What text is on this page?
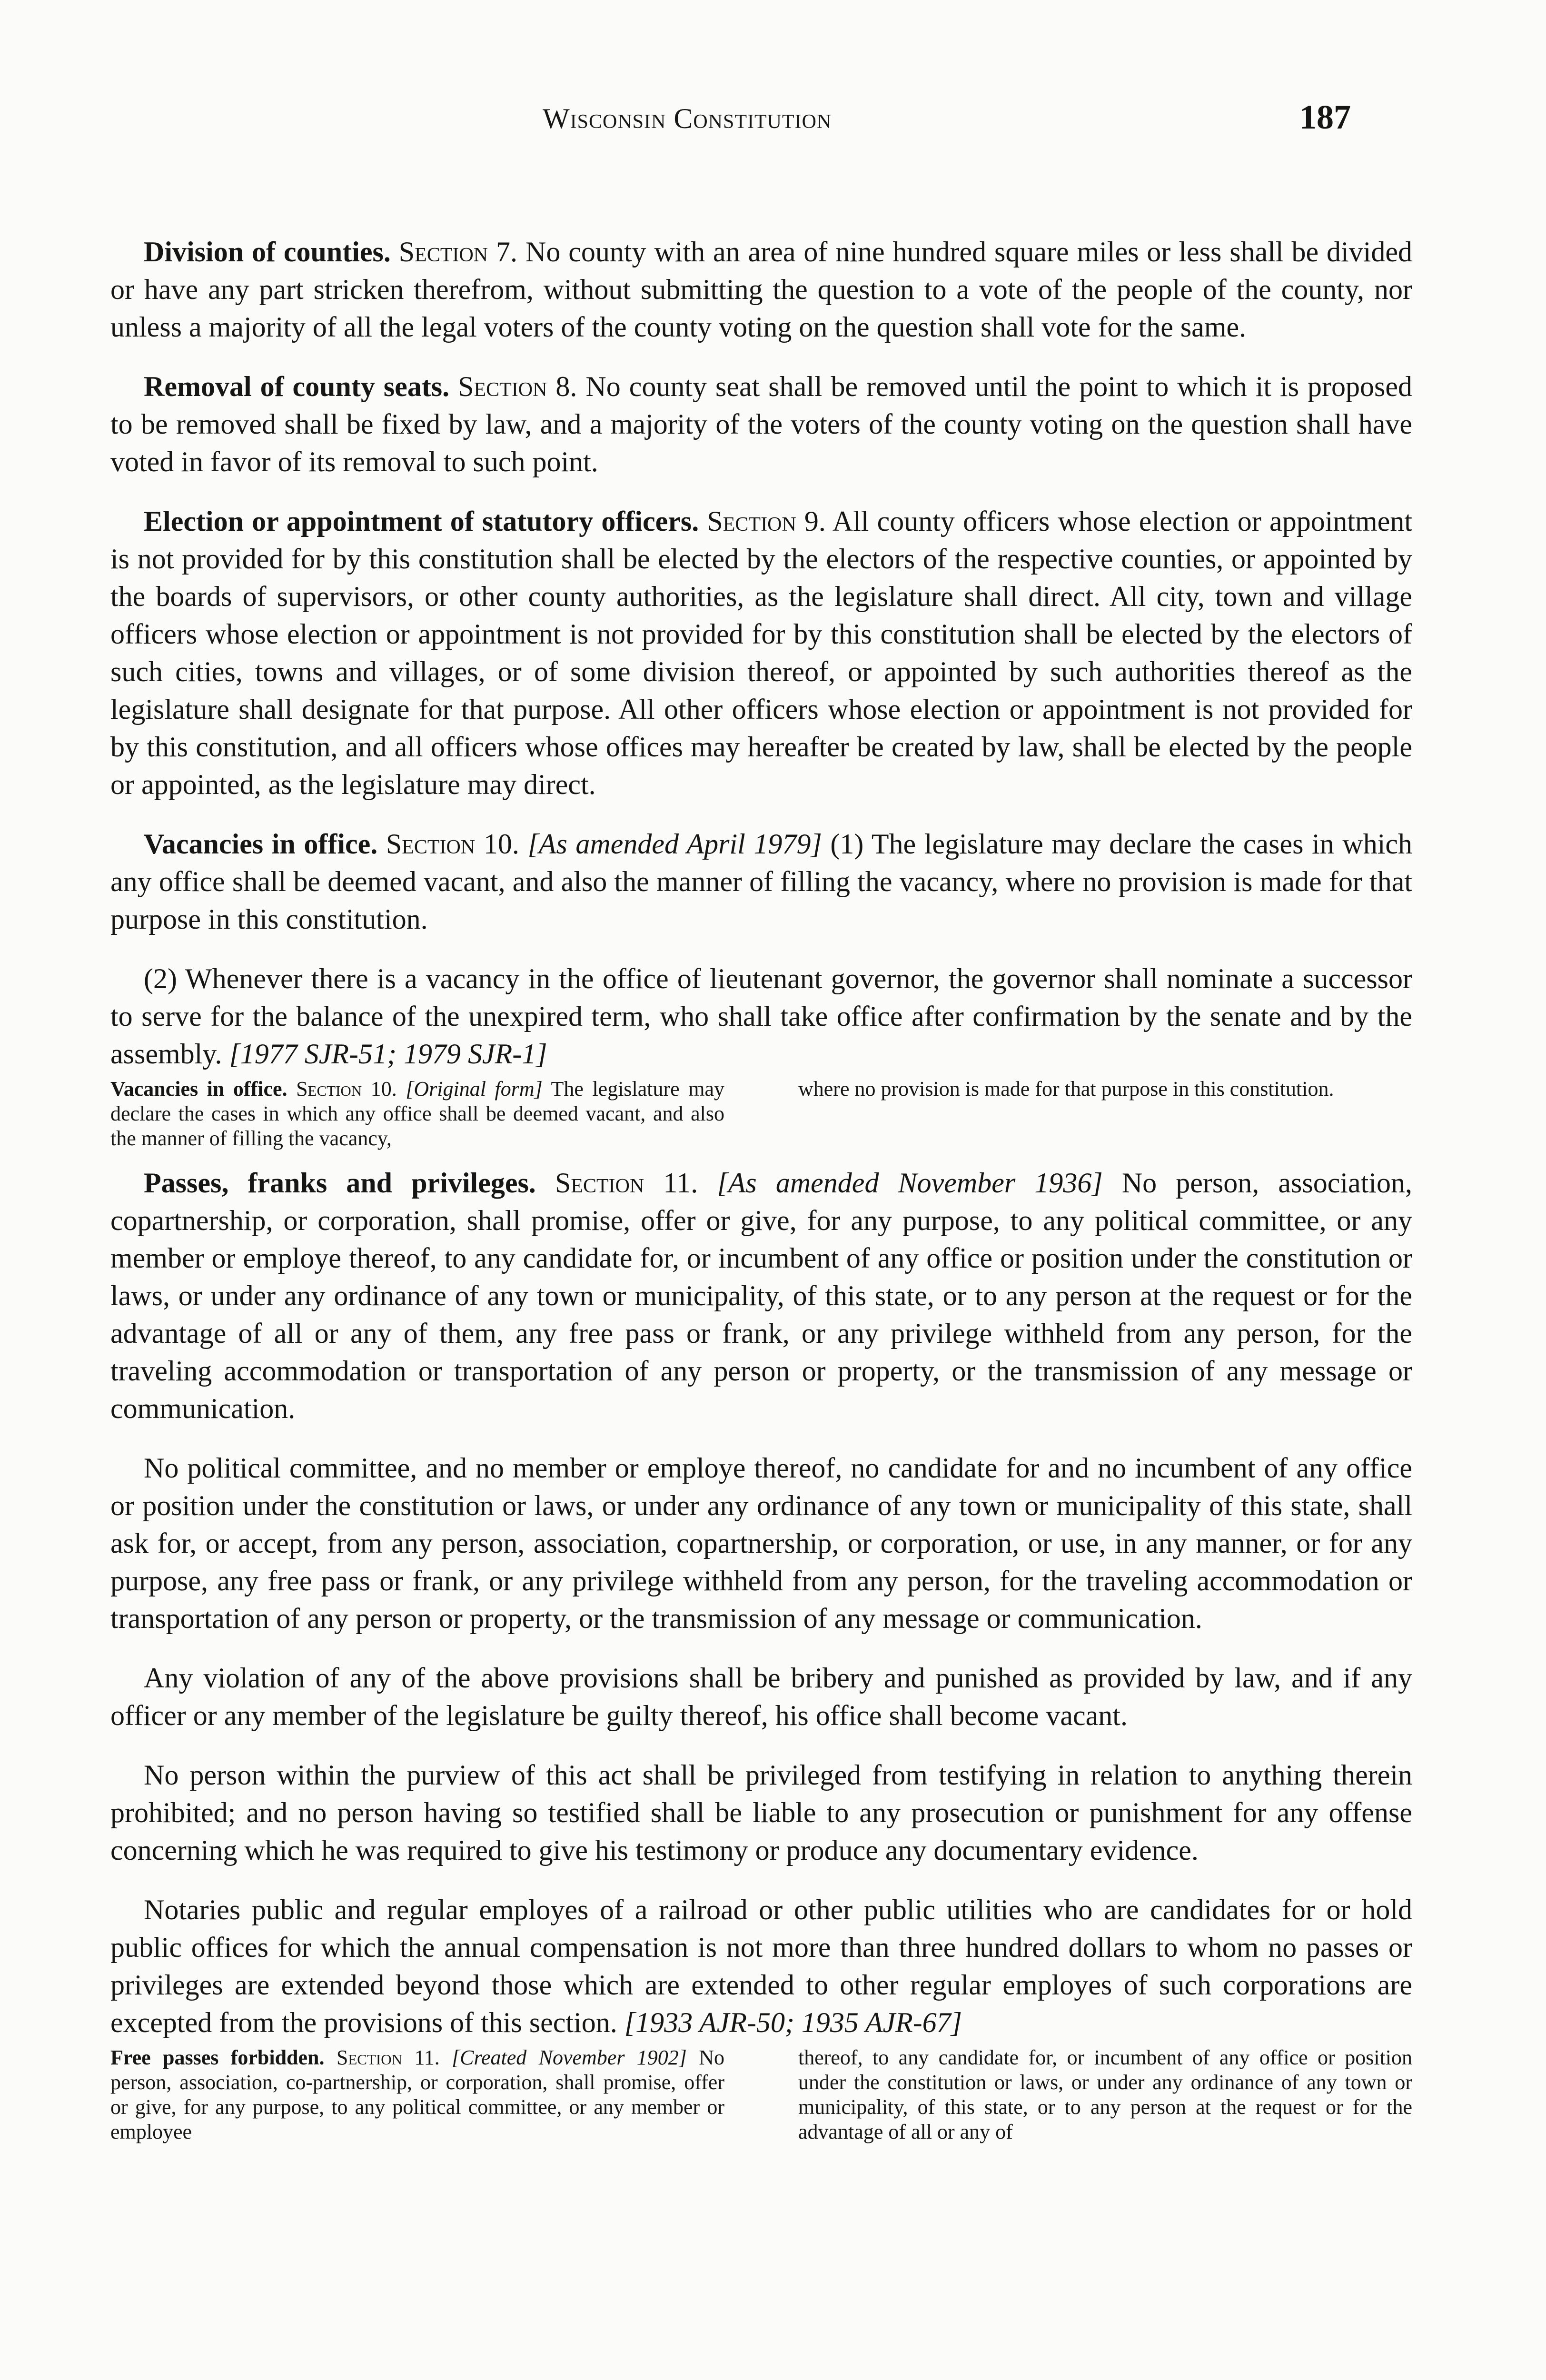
Wisconsin Constitution	187

Division of counties. Section 7. No county with an area of nine hundred square miles or less shall be divided or have any part stricken therefrom, without submitting the question to a vote of the people of the county, nor unless a majority of all the legal voters of the county voting on the question shall vote for the same.

Removal of county seats. Section 8. No county seat shall be removed until the point to which it is proposed to be removed shall be fixed by law, and a majority of the voters of the county voting on the question shall have voted in favor of its removal to such point.

Election or appointment of statutory officers. Section 9. All county officers whose election or appointment is not provided for by this constitution shall be elected by the electors of the respective counties, or appointed by the boards of supervisors, or other county authorities, as the legislature shall direct. All city, town and village officers whose election or appointment is not provided for by this constitution shall be elected by the electors of such cities, towns and villages, or of some division thereof, or appointed by such authorities thereof as the legislature shall designate for that purpose. All other officers whose election or appointment is not provided for by this constitution, and all officers whose offices may hereafter be created by law, shall be elected by the people or appointed, as the legislature may direct.

Vacancies in office. Section 10. [As amended April 1979] (1) The legislature may declare the cases in which any office shall be deemed vacant, and also the manner of filling the vacancy, where no provision is made for that purpose in this constitution.

(2) Whenever there is a vacancy in the office of lieutenant governor, the governor shall nominate a successor to serve for the balance of the unexpired term, who shall take office after confirmation by the senate and by the assembly. [1977 SJR-51; 1979 SJR-1]

Vacancies in office. Section 10. [Original form] The legislature may declare the cases in which any office shall be deemed vacant, and also the manner of filling the vacancy,
where no provision is made for that purpose in this constitution.

Passes, franks and privileges. Section 11. [As amended November 1936] No person, association, copartnership, or corporation, shall promise, offer or give, for any purpose, to any political committee, or any member or employe thereof, to any candidate for, or incumbent of any office or position under the constitution or laws, or under any ordinance of any town or municipality, of this state, or to any person at the request or for the advantage of all or any of them, any free pass or frank, or any privilege withheld from any person, for the traveling accommodation or transportation of any person or property, or the transmission of any message or communication.

No political committee, and no member or employe thereof, no candidate for and no incumbent of any office or position under the constitution or laws, or under any ordinance of any town or municipality of this state, shall ask for, or accept, from any person, association, copartnership, or corporation, or use, in any manner, or for any purpose, any free pass or frank, or any privilege withheld from any person, for the traveling accommodation or transportation of any person or property, or the transmission of any message or communication.

Any violation of any of the above provisions shall be bribery and punished as provided by law, and if any officer or any member of the legislature be guilty thereof, his office shall become vacant.

No person within the purview of this act shall be privileged from testifying in relation to anything therein prohibited; and no person having so testified shall be liable to any prosecution or punishment for any offense concerning which he was required to give his testimony or produce any documentary evidence.

Notaries public and regular employes of a railroad or other public utilities who are candidates for or hold public offices for which the annual compensation is not more than three hundred dollars to whom no passes or privileges are extended beyond those which are extended to other regular employes of such corporations are excepted from the provisions of this section. [1933 AJR-50; 1935 AJR-67]

Free passes forbidden. Section 11. [Created November 1902] No person, association, co-partnership, or corporation, shall promise, offer or give, for any purpose, to any political committee, or any member or employee
thereof, to any candidate for, or incumbent of any office or position under the constitution or laws, or under any ordinance of any town or municipality, of this state, or to any person at the request or for the advantage of all or any of
